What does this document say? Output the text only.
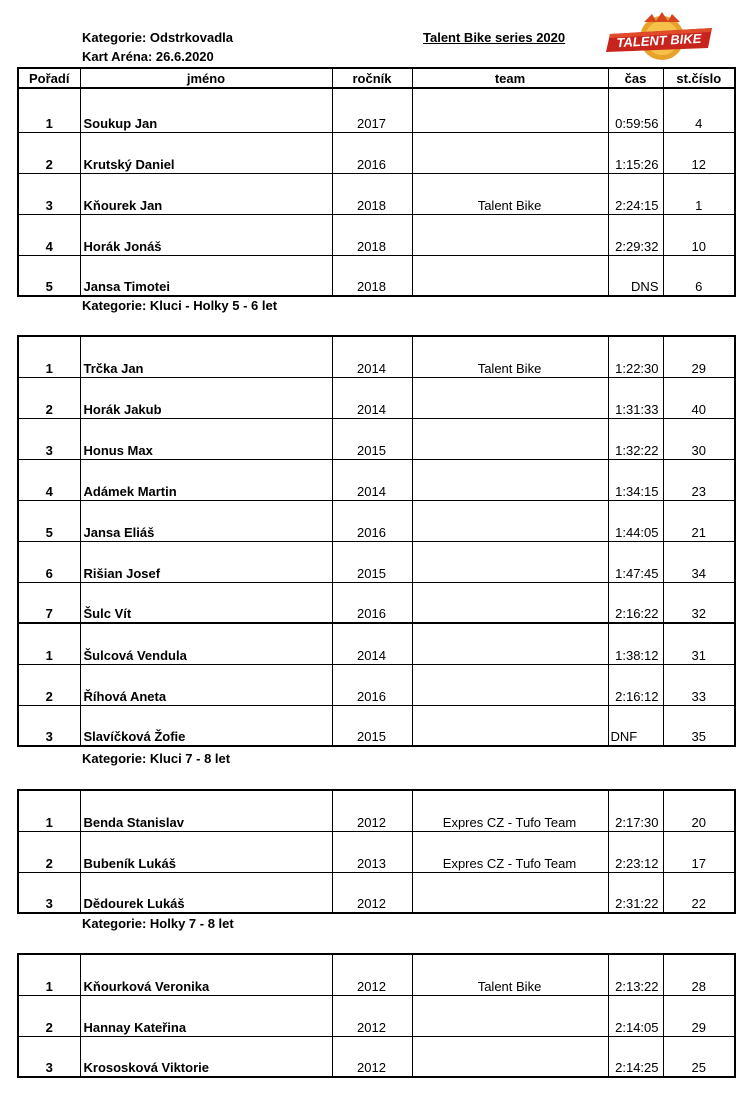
Kategorie: Odstrkovadla
Kart Aréna: 26.6.2020
Talent Bike series 2020	TALENT BIKE
Pořadí	jméno	ročník	team	čas	st.číslo
1	Soukup Jan	2017		0:59:56	4
2	Krutský Daniel	2016		1:15:26	12
3	Kňourek Jan	2018	Talent Bike	2:24:15	1
4	Horák Jonáš	2018		2:29:32	10
5	Jansa Timotei	2018		DNS	6
Kategorie: Kluci - Holky 5 - 6 let
1	Trčka Jan	2014	Talent Bike	1:22:30	29
2	Horák Jakub	2014		1:31:33	40
3	Honus Max	2015		1:32:22	30
4	Adámek Martin	2014		1:34:15	23
5	Jansa Eliáš	2016		1:44:05	21
6	Rišian Josef	2015		1:47:45	34
7	Šulc Vít	2016		2:16:22	32
1	Šulcová Vendula	2014		1:38:12	31
2	Říhová Aneta	2016		2:16:12	33
3	Slavíčková Žofie	2015		DNF	35
Kategorie: Kluci 7 - 8 let
1	Benda Stanislav	2012	Expres CZ - Tufo Team	2:17:30	20
2	Bubeník Lukáš	2013	Expres CZ - Tufo Team	2:23:12	17
3	Dědourek Lukáš	2012		2:31:22	22
Kategorie: Holky 7 - 8 let
1	Kňourková Veronika	2012	Talent Bike	2:13:22	28
2	Hannay Kateřina	2012		2:14:05	29
3	Krososková Viktorie	2012		2:14:25	25
